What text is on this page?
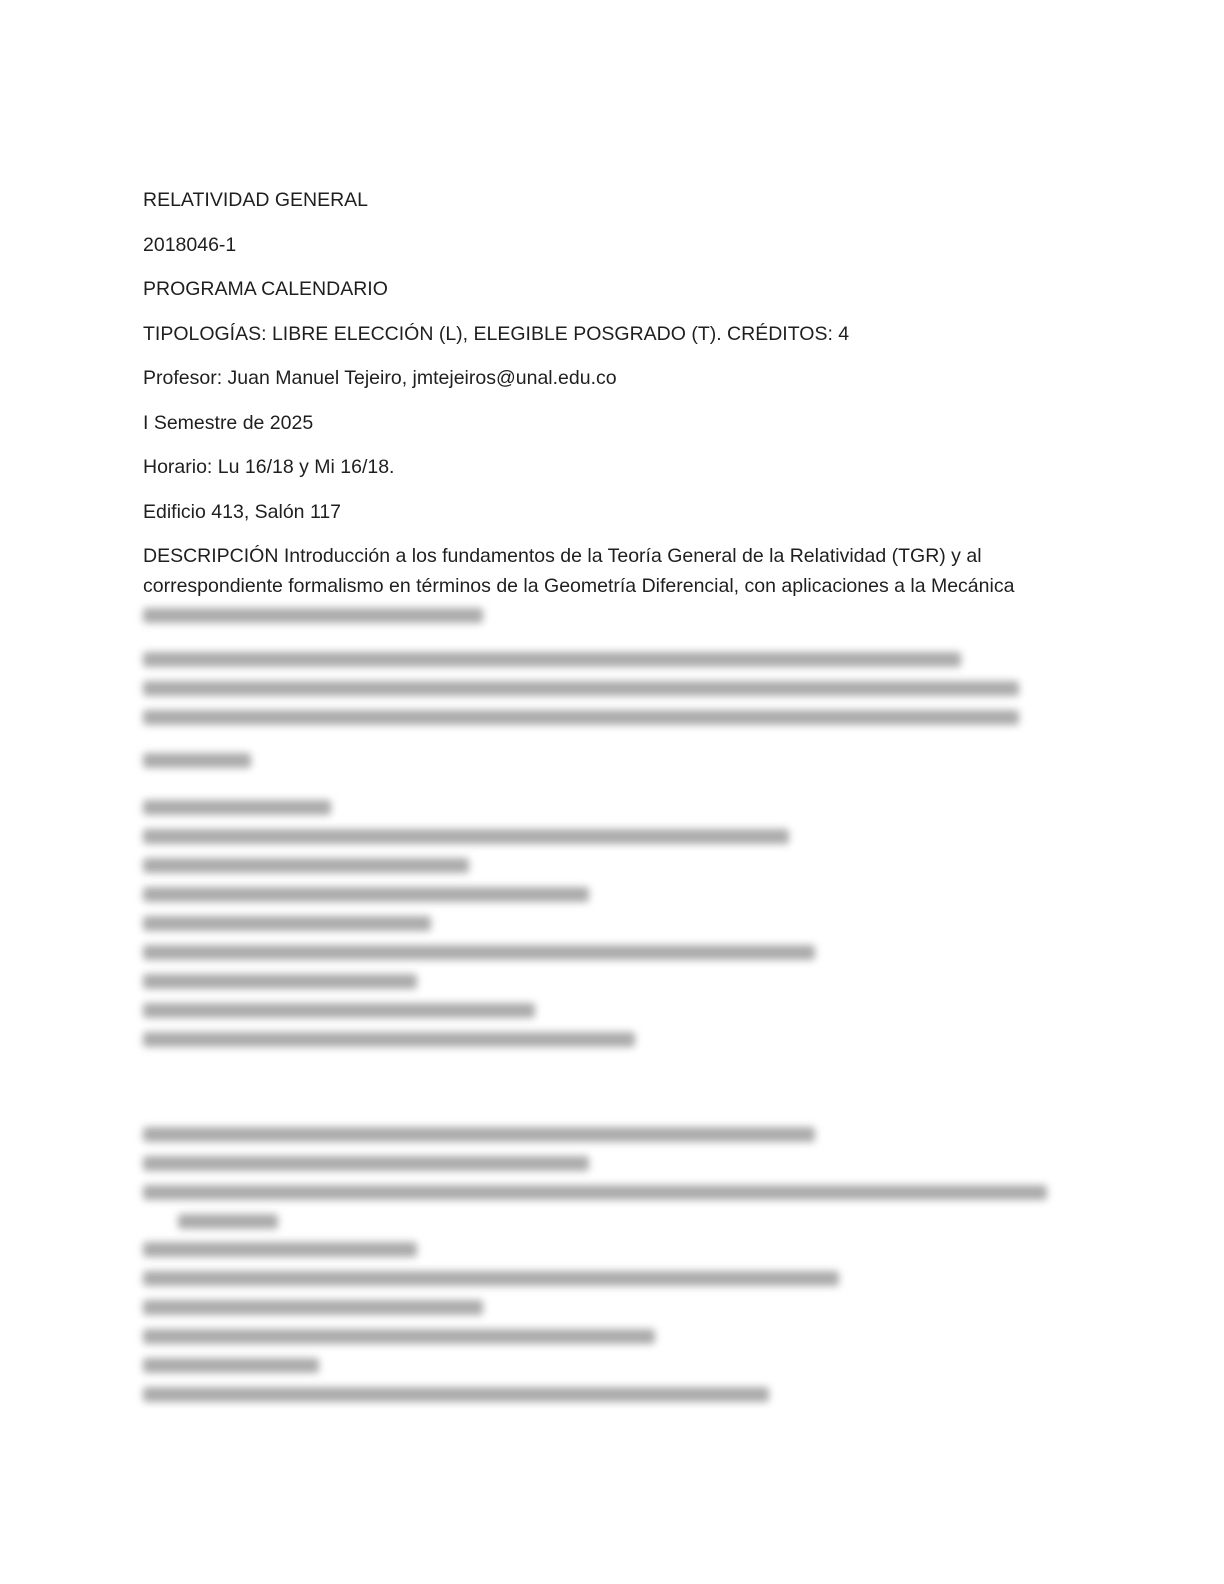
RELATIVIDAD GENERAL
2018046-1
PROGRAMA CALENDARIO
TIPOLOGÍAS: LIBRE ELECCIÓN (L), ELEGIBLE POSGRADO (T). CRÉDITOS: 4
Profesor: Juan Manuel Tejeiro, jmtejeiros@unal.edu.co
I Semestre de 2025
Horario: Lu 16/18 y Mi 16/18.
Edificio 413, Salón 117
DESCRIPCIÓN Introducción a los fundamentos de la Teoría General de la Relatividad (TGR) y al
correspondiente formalismo en términos de la Geometría Diferencial, con aplicaciones a la Mecánica
